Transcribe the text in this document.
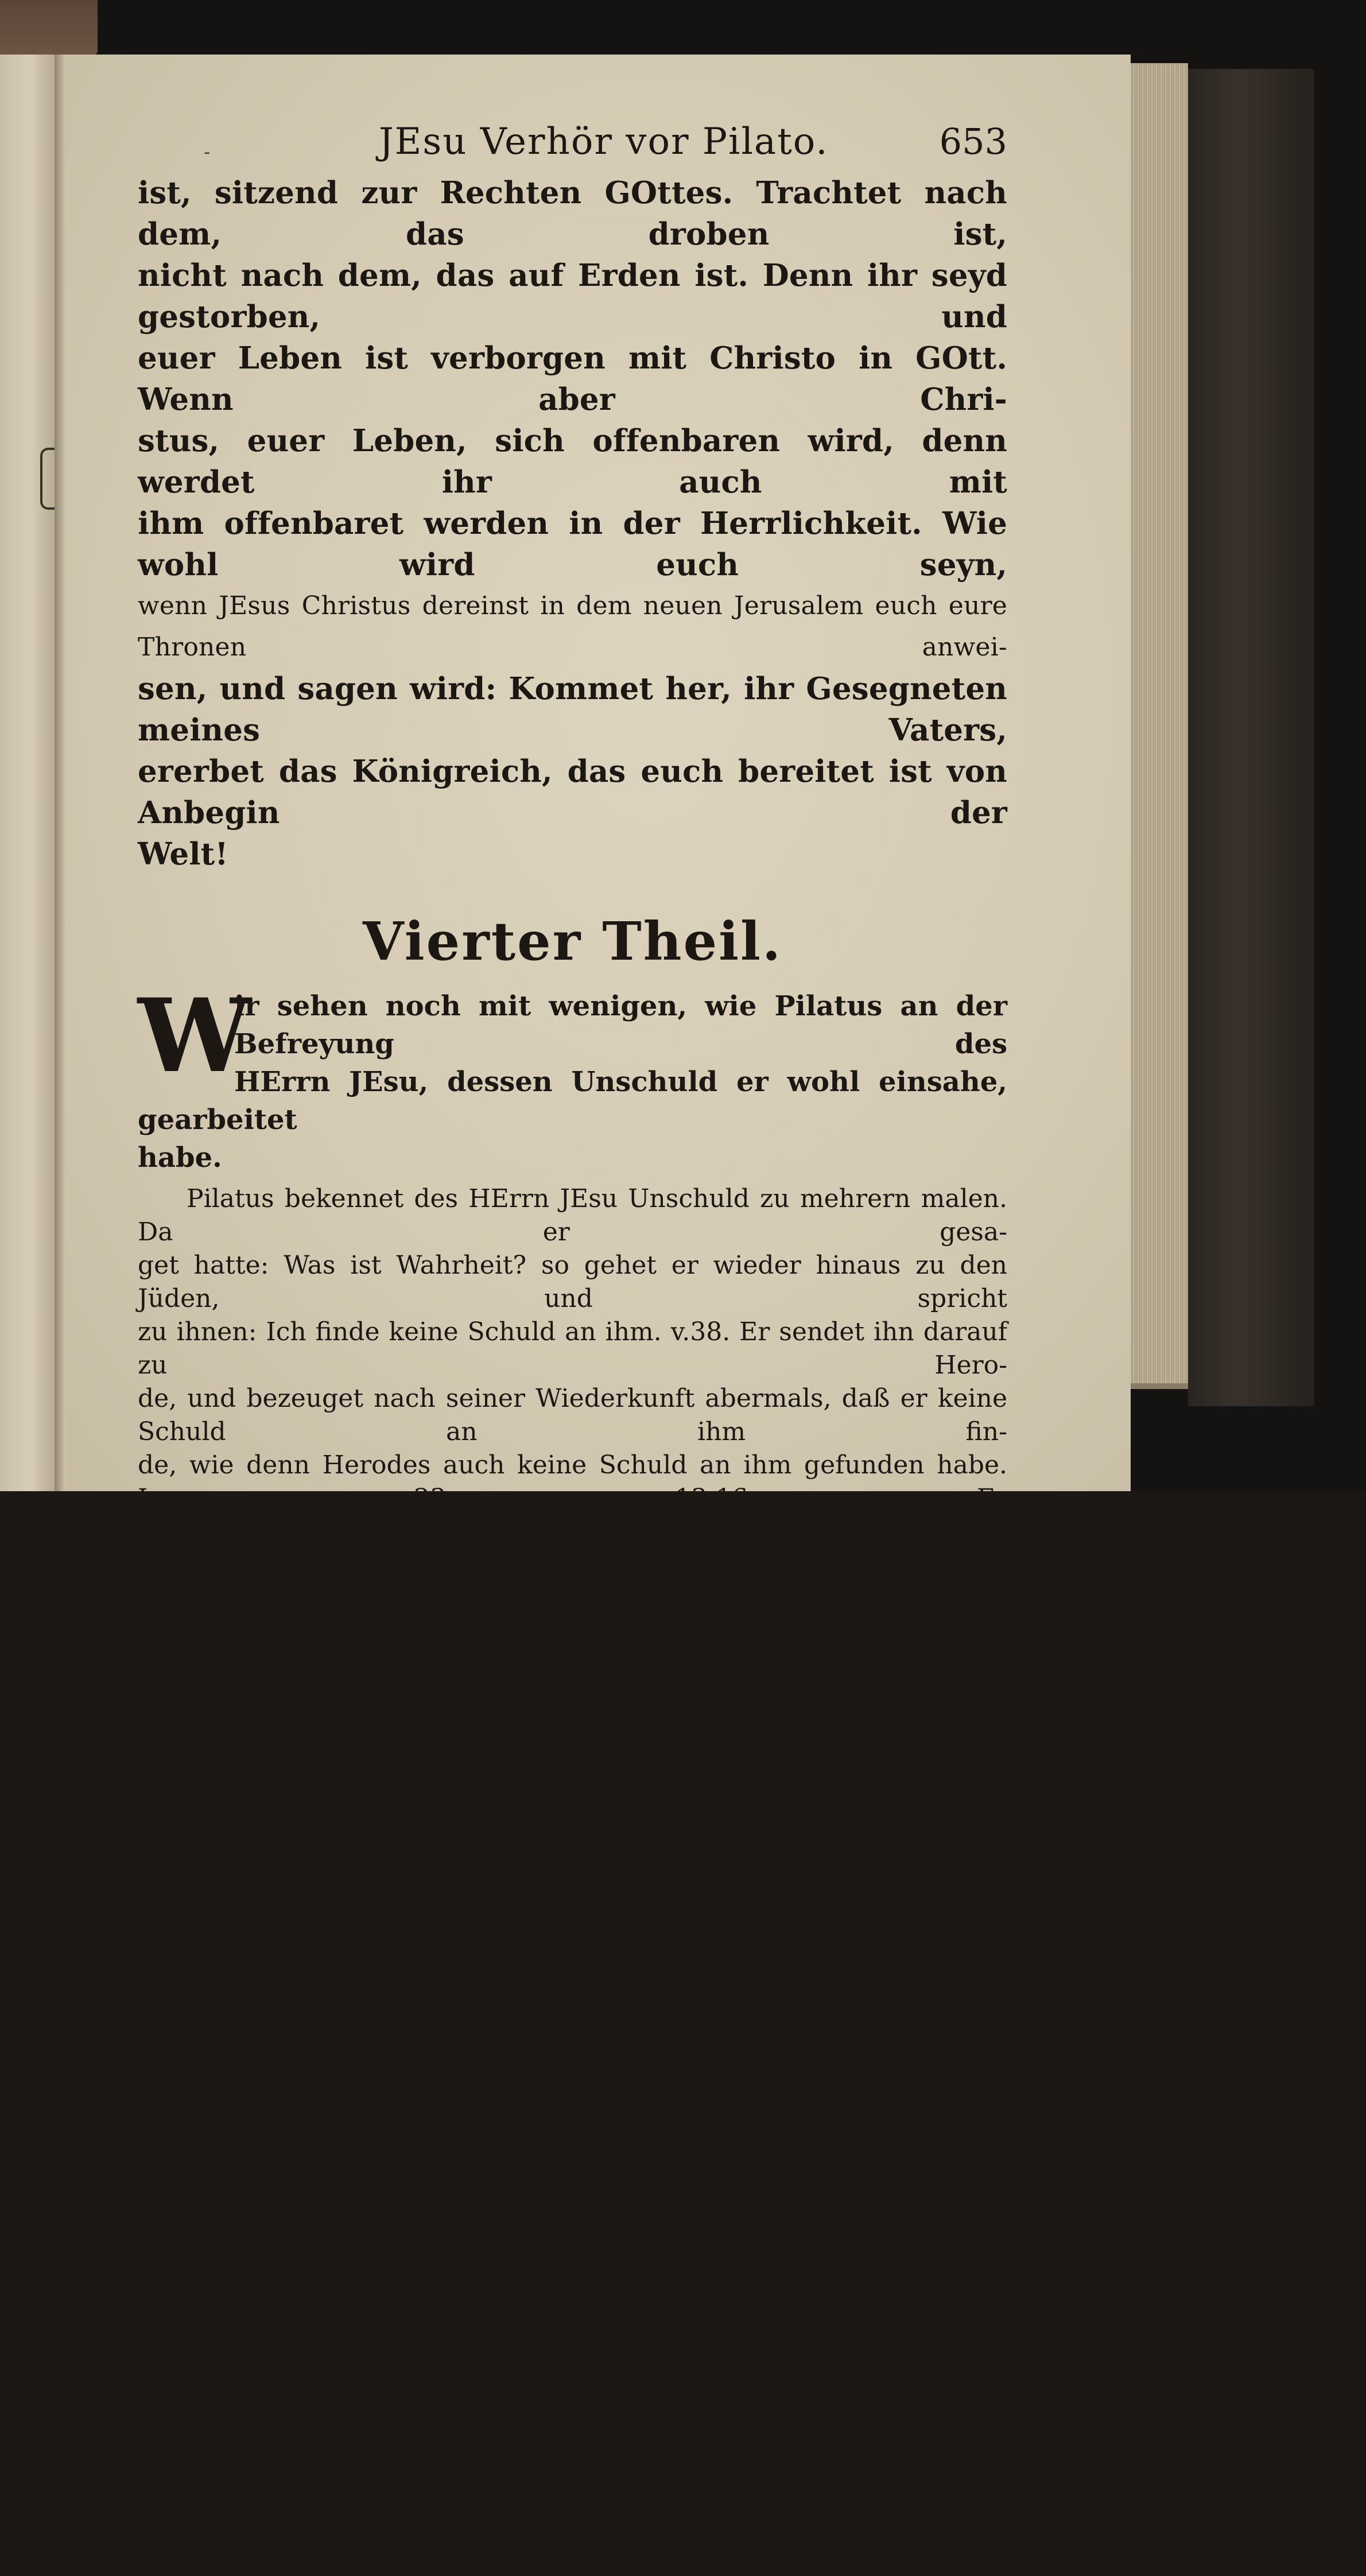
-	JEsu Verhör vor Pilato.	653
ist, sitzend zur Rechten GOttes. Trachtet nach dem, das droben ist,
nicht nach dem, das auf Erden ist. Denn ihr seyd gestorben, und
euer Leben ist verborgen mit Christo in GOtt. Wenn aber Chri-
stus, euer Leben, sich offenbaren wird, denn werdet ihr auch mit
ihm offenbaret werden in der Herrlichkeit. Wie wohl wird euch seyn,
wenn JEsus Christus dereinst in dem neuen Jerusalem euch eure Thronen anwei-
sen, und sagen wird: Kommet her, ihr Gesegneten meines Vaters,
ererbet das Königreich, das euch bereitet ist von Anbegin der
Welt!
Vierter Theil.
W
ir sehen noch mit wenigen, wie Pilatus an der Befreyung des
HErrn JEsu, dessen Unschuld er wohl einsahe, gearbeitet
habe.
Pilatus bekennet des HErrn JEsu Unschuld zu mehrern malen. Da er gesa-
get hatte: Was ist Wahrheit? so gehet er wieder hinaus zu den Jüden, und spricht
zu ihnen: Ich finde keine Schuld an ihm. v.38. Er sendet ihn darauf zu Hero-
de, und bezeuget nach seiner Wiederkunft abermals, daß er keine Schuld an ihm fin-
de, wie denn Herodes auch keine Schuld an ihm gefunden habe. Luc. 23, 13-16. Er
bezeuget zum dritten mal seine Unschuld, und spricht: Nehmet ihr ihn hin, und
creutziget ihn; denn ich finde keine Schuld an ihm Joh. 19, 6. Er fragt:
Was hat er denn Ubels gethan? und bezeuget damit abermals seine Un-
schuld Matth. 27, 23. Endlich spricht er: Ich bin unschuldig an dem
Blute dieses Gerechten, sehet ihr zu v. 24. Diß Zeugniß ist von grossem
Gewichte. Denn es leget dasselbe ab der Richter; nach Untersuchung der an-
gebrachten Beschuldigungen; und zwar wider den gantzen hohen Rath
derer Jüden, welcher JEsum zum Tode bereits verurtheilet hatte, und ihn zum
Tode gebracht wissen wolte.
So muß dann Pilatus mit diesem Zeugnisse, welches er ungezwungen und
aus dem Triebe seines Gewissens ableget, bestätigen, daß JEsus sey das un-
schuldige und unbefleckte Lamm GOttes, und daß er nicht um seiner eignen,
sondern um unserer Missethat willen verwundet und um unserer Sün-
de willen zerschlagen worden, wie Jesaias diß zuvor durch den Geist GOt-
tes bezeuget hat Jes. 53, 9. 4-6. 1 Petr. 1, 19. Dieser unschuldig leidende
Heyland hat gebüsset alle unsere Sünden-Schulden, und hat mit sei-
Nnnn 3	nem
